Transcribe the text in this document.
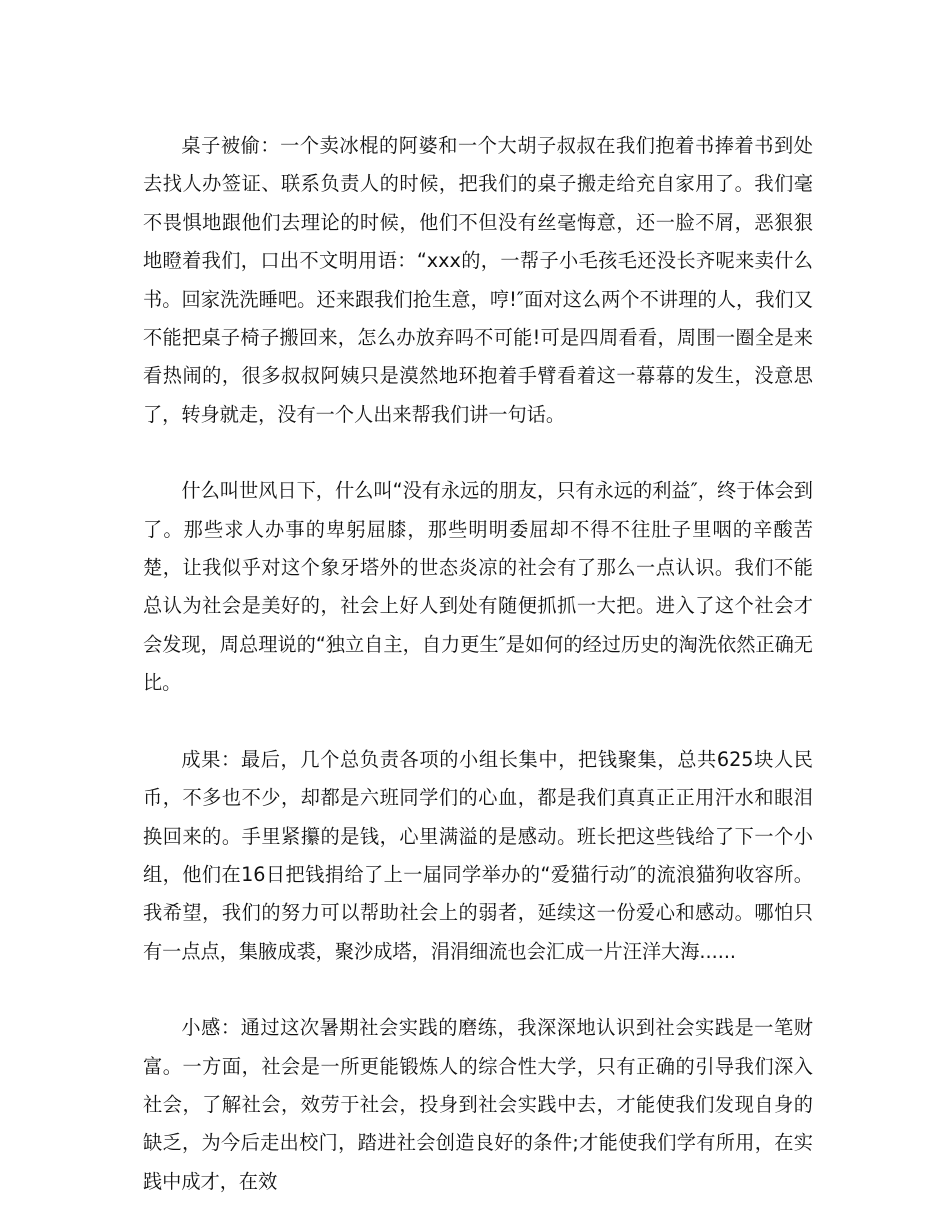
桌子被偷：一个卖冰棍的阿婆和一个大胡子叔叔在我们抱着书捧着书到处去找人办签证、联系负责人的时候，把我们的桌子搬走给充自家用了。我们毫不畏惧地跟他们去理论的时候，他们不但没有丝毫悔意，还一脸不屑，恶狠狠地瞪着我们，口出不文明用语：“xxx的，一帮子小毛孩毛还没长齐呢来卖什么书。回家洗洗睡吧。还来跟我们抢生意，哼!″面对这么两个不讲理的人，我们又不能把桌子椅子搬回来，怎么办放弃吗不可能!可是四周看看，周围一圈全是来看热闹的，很多叔叔阿姨只是漠然地环抱着手臂看着这一幕幕的发生，没意思了，转身就走，没有一个人出来帮我们讲一句话。

什么叫世风日下，什么叫“没有永远的朋友，只有永远的利益″，终于体会到了。那些求人办事的卑躬屈膝，那些明明委屈却不得不往肚子里咽的辛酸苦楚，让我似乎对这个象牙塔外的世态炎凉的社会有了那么一点认识。我们不能总认为社会是美好的，社会上好人到处有随便抓抓一大把。进入了这个社会才会发现，周总理说的“独立自主，自力更生″是如何的经过历史的淘洗依然正确无比。

成果：最后，几个总负责各项的小组长集中，把钱聚集，总共625块人民币，不多也不少，却都是六班同学们的心血，都是我们真真正正用汗水和眼泪换回来的。手里紧攥的是钱，心里满溢的是感动。班长把这些钱给了下一个小组，他们在16日把钱捐给了上一届同学举办的“爱猫行动″的流浪猫狗收容所。我希望，我们的努力可以帮助社会上的弱者，延续这一份爱心和感动。哪怕只有一点点，集腋成裘，聚沙成塔，涓涓细流也会汇成一片汪洋大海......

小感：通过这次暑期社会实践的磨练，我深深地认识到社会实践是一笔财富。一方面，社会是一所更能锻炼人的综合性大学，只有正确的引导我们深入社会，了解社会，效劳于社会，投身到社会实践中去，才能使我们发现自身的缺乏，为今后走出校门，踏进社会创造良好的条件;才能使我们学有所用，在实践中成才，在效
